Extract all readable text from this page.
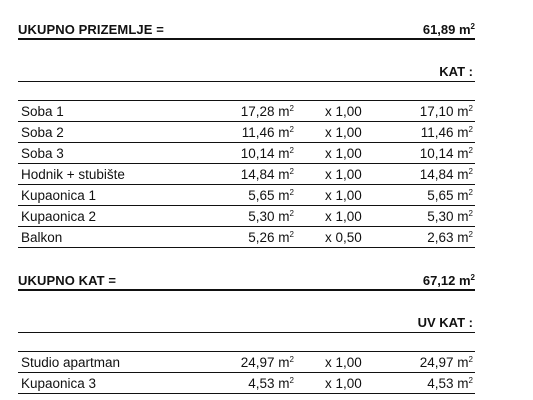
UKUPNO PRIZEMLJE =	61,89 $m^2$
KAT :
Soba 1	17,28 $m^2$ x 1,00	17,10 $m^2$
Soba 2	11,46 $m^2$ x 1,00	11,46 $m^2$
Soba 3	10,14 $m^2$ x 1,00	10,14 $m^2$
Hodnik + stubište	14,84 $m^2$ x 1,00	14,84 $m^2$
Kupaonica 1	5,65 $m^2$ x 1,00	5,65 $m^2$
Kupaonica 2	5,30 $m^2$ x 1,00	5,30 $m^2$
Balkon	5,26 $m^2$ x 0,50	2,63 $m^2$
UKUPNO KAT =	67,12 $m^2$
UV KAT :
Studio apartman	24,97 $m^2$ x 1,00	24,97 $m^2$
Kupaonica 3	4,53 $m^2$ x 1,00	4,53 $m^2$
